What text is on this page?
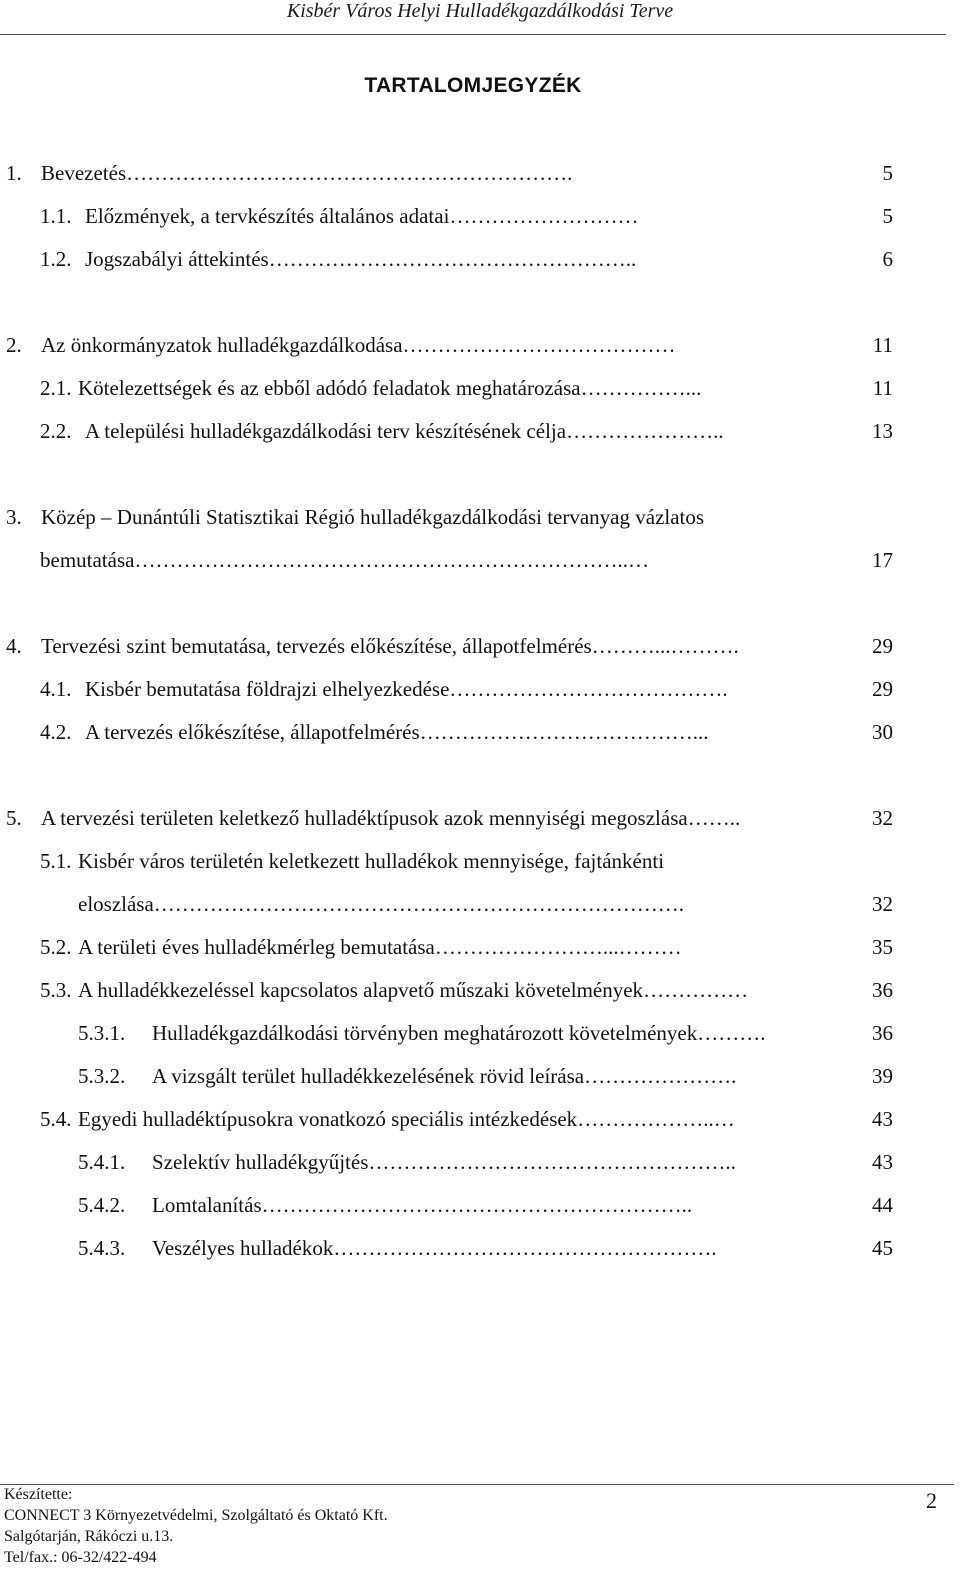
Kisbér Város Helyi Hulladékgazdálkodási Terve
TARTALOMJEGYZÉK
1. Bevezetés……………………………………………………….	5
1.1. Előzmények, a tervkészítés általános adatai………………………	5
1.2. Jogszabályi áttekintés……………………………………………..	6
2. Az önkormányzatok hulladékgazdálkodása…………………………………	11
2.1. Kötelezettségek és az ebből adódó feladatok meghatározása……………...	11
2.2. A települési hulladékgazdálkodási terv készítésének célja…………………..	13
3. Közép – Dunántúli Statisztikai Régió hulladékgazdálkodási tervanyag vázlatos
bemutatása……………………………………………………………..…	17
4. Tervezési szint bemutatása, tervezés előkészítése, állapotfelmérés………...……….	29
4.1. Kisbér bemutatása földrajzi elhelyezkedése………………………………….	29
4.2. A tervezés előkészítése, állapotfelmérés…………………………………...	30
5. A tervezési területen keletkező hulladéktípusok azok mennyiségi megoszlása……..	32
5.1. Kisbér város területén keletkezett hulladékok mennyisége, fajtánkénti
eloszlása………………………………………………………………….	32
5.2. A területi éves hulladékmérleg bemutatása……………………...………	35
5.3. A hulladékkezeléssel kapcsolatos alapvető műszaki követelmények……………	36
5.3.1. Hulladékgazdálkodási törvényben meghatározott követelmények……….	36
5.3.2. A vizsgált terület hulladékkezelésének rövid leírása………………….	39
5.4. Egyedi hulladéktípusokra vonatkozó speciális intézkedések………………..…	43
5.4.1. Szelektív hulladékgyűjtés……………………………………………..	43
5.4.2. Lomtalanítás……………………………………………………..	44
5.4.3. Veszélyes hulladékok……………………………………………….	45
Készítette:
CONNECT 3 Környezetvédelmi, Szolgáltató és Oktató Kft.
Salgótarján, Rákóczi u.13.
Tel/fax.: 06-32/422-494
2
